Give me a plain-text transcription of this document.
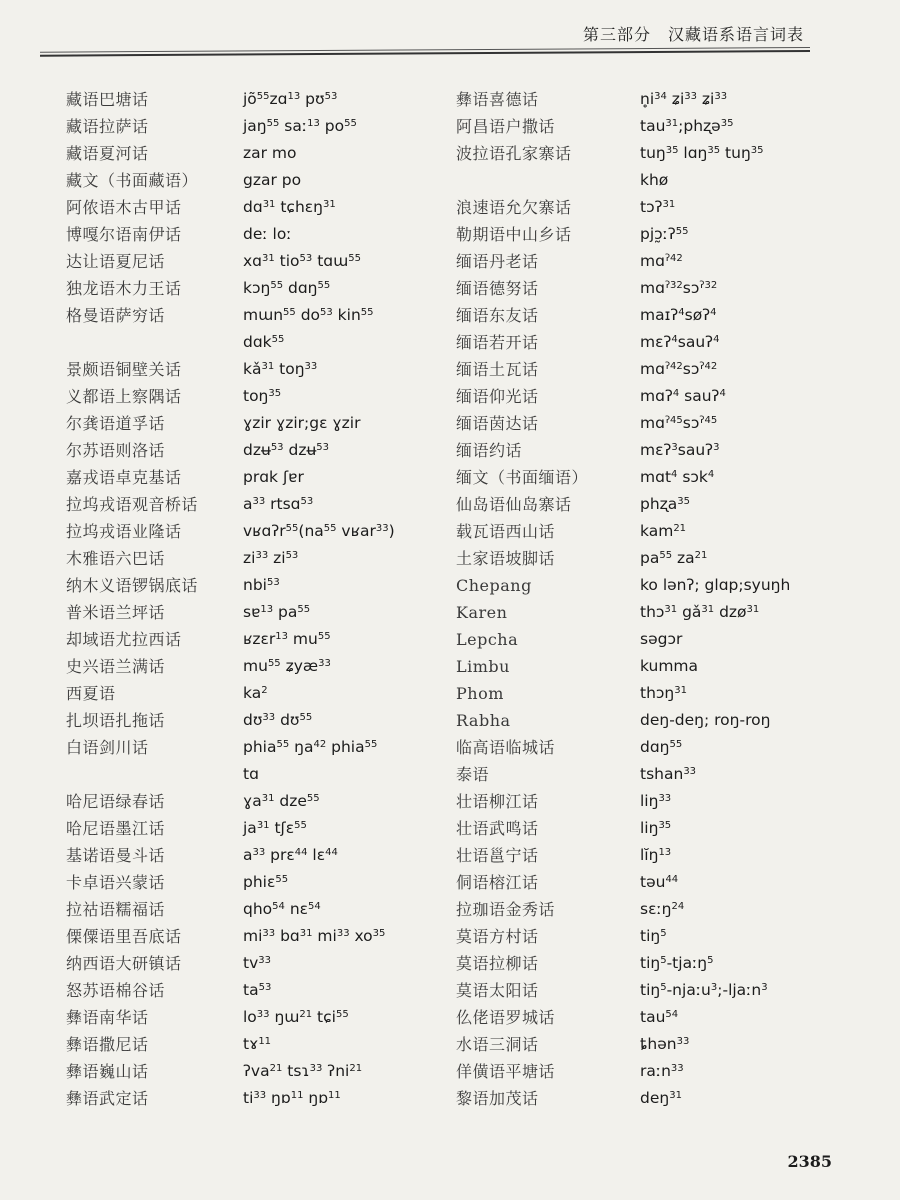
第三部分　汉藏语系语言词表
藏语巴塘话
藏语拉萨话
藏语夏河话
藏文（书面藏语）
阿侬语木古甲话
博嘎尔语南伊话
达让语夏尼话
独龙语木力王话
格曼语萨穷话

景颇语铜壁关话
义都语上察隅话
尔龚语道孚话
尔苏语则洛话
嘉戎语卓克基话
拉坞戎语观音桥话
拉坞戎语业隆话
木雅语六巴话
纳木义语锣锅底话
普米语兰坪话
却域语尤拉西话
史兴语兰满话
西夏语
扎坝语扎拖话
白语剑川话

哈尼语绿春话
哈尼语墨江话
基诺语曼斗话
卡卓语兴蒙话
拉祜语糯福话
傈僳语里吾底话
纳西语大研镇话
怒苏语棉谷话
彝语南华话
彝语撒尼话
彝语巍山话
彝语武定话
$jõ^{55}zɑ^{13}$ pʊ$^{53}$
jaŋ$^{55}$ saː$^{13}$ $po^{55}$
zar mo
gzar po
dɑ$^{31}$ tɕhɛŋ$^{31}$
deː loː
xɑ$^{31}$ tio$^{53}$ tɑɯ$^{55}$
kɔŋ$^{55}$ dɑŋ$^{55}$
mɯn$^{55}$ $do^{53}$ kin$^{55}$
dɑk$^{55}$
$kǎ^{31}$ toŋ$^{33}$
toŋ$^{35}$
ɣzir ɣzir;gɛ ɣzir
dzʉ$^{53}$ dzʉ$^{53}$
prɑk ʃɐr
$a^{33}$ rtsɑ$^{53}$
$vʁɑʔr^{55}(na^{55}$ vʁar$^{33}$)
$zi^{33}$ $zi^{53}$
nbi$^{53}$
sɐ$^{13}$ $pa^{55}$
ʁzɛr$^{13}$ $mu^{55}$
$mu^{55}$ ʑyæ$^{33}$
$ka^2$
dʊ$^{33}$ dʊ$^{55}$
phia$^{55}$ $ŋa^{42}$ phia$^{55}$
tɑ
ɣa$^{31}$ dze$^{55}$
$ja^{31}$ tʃɛ$^{55}$
$a^{33}$ prɛ$^{44}$ lɛ$^{44}$
phiɛ$^{55}$
qho$^{54}$ nɛ$^{54}$
$mi^{33}$ bɑ$^{31}$ $mi^{33}$ $xo^{35}$
$tv^{33}$
$ta^{53}$
$lo^{33}$ ŋɯ$^{21}$ tɕi$^{55}$
tɤ$^{11}$
ʔva$^{21}$ tsɿ$^{33}$ ʔni$^{21}$
$ti^{33}$ ŋɒ$^{11}$ ŋɒ$^{11}$
彝语喜德话
阿昌语户撒话
波拉语孔家寨话

浪速语允欠寨话
勒期语中山乡话
缅语丹老话
缅语德努话
缅语东友话
缅语若开话
缅语土瓦话
缅语仰光话
缅语茵达话
缅语约话
缅文（书面缅语）
仙岛语仙岛寨话
载瓦语西山话
土家语坡脚话
Chepang
Karen
Lepcha
Limbu
Phom
Rabha
临高语临城话
泰语
壮语柳江话
壮语武鸣话
壮语邕宁话
侗语榕江话
拉珈语金秀话
莫语方村话
莫语拉柳话
莫语太阳话
仫佬语罗城话
水语三洞话
佯僙语平塘话
黎语加茂话
$n̥i^{34}$ ʑi$^{33}$ ʑi$^{33}$
tau$^{31}$;phʐə$^{35}$
tuŋ$^{35}$ lɑŋ$^{35}$ tuŋ$^{35}$
khø
tɔʔ$^{31}$
pjɔ̰ːʔ$^{55}$
mɑ$^{ʔ42}$
mɑ$^{ʔ32}$sɔ$^{ʔ32}$
maɪʔ$^4$søʔ$^4$
mɛʔ$^4$sauʔ$^4$
mɑ$^{ʔ42}$sɔ$^{ʔ42}$
mɑʔ$^4$ sauʔ$^4$
mɑ$^{ʔ45}$sɔ$^{ʔ45}$
mɛʔ$^3$sauʔ$^3$
mɑt$^4$ sɔk$^4$
phʐa$^{35}$
kam$^{21}$
$pa^{55}$ $za^{21}$
ko lənʔ; glɑp;syuŋh
thɔ$^{31}$ $gǎ^{31}$ dzø$^{31}$
səgɔr
kumma
thɔŋ$^{31}$
deŋ-deŋ; roŋ-roŋ
dɑŋ$^{55}$
tshan$^{33}$
liŋ$^{33}$
liŋ$^{35}$
lĭŋ$^{13}$
təu$^{44}$
sɛːŋ$^{24}$
tiŋ$^5$
tiŋ$^5$-tjaːŋ$^5$
tiŋ$^5$-njaːu$^3$;-ljaːn$^3$
tau$^{54}$
ȶhən$^{33}$
raːn$^{33}$
deŋ$^{31}$
2385
